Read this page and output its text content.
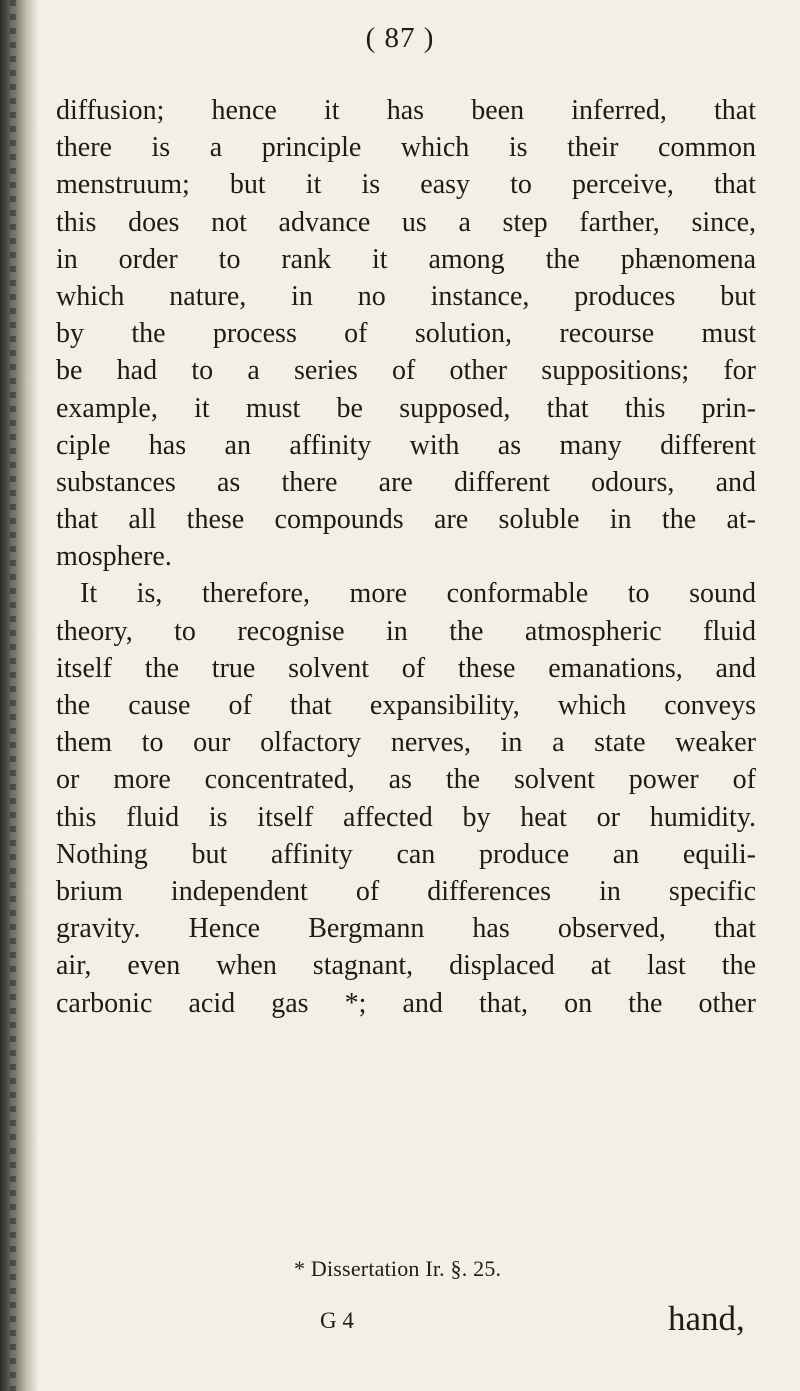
( 87 )
diffusion; hence it has been inferred, that
there is a principle which is their common
menstruum; but it is easy to perceive, that
this does not advance us a step farther, since,
in order to rank it among the phænomena
which nature, in no instance, produces but
by the process of solution, recourse must
be had to a series of other suppositions; for
example, it must be supposed, that this prin-
ciple has an affinity with as many different
substances as there are different odours, and
that all these compounds are soluble in the at-
mosphere.
It is, therefore, more conformable to sound
theory, to recognise in the atmospheric fluid
itself the true solvent of these emanations, and
the cause of that expansibility, which conveys
them to our olfactory nerves, in a state weaker
or more concentrated, as the solvent power of
this fluid is itself affected by heat or humidity.
Nothing but affinity can produce an equili-
brium independent of differences in specific
gravity. Hence Bergmann has observed, that
air, even when stagnant, displaced at last the
carbonic acid gas *; and that, on the other
* Dissertation Ir. §. 25.
G 4	hand,
